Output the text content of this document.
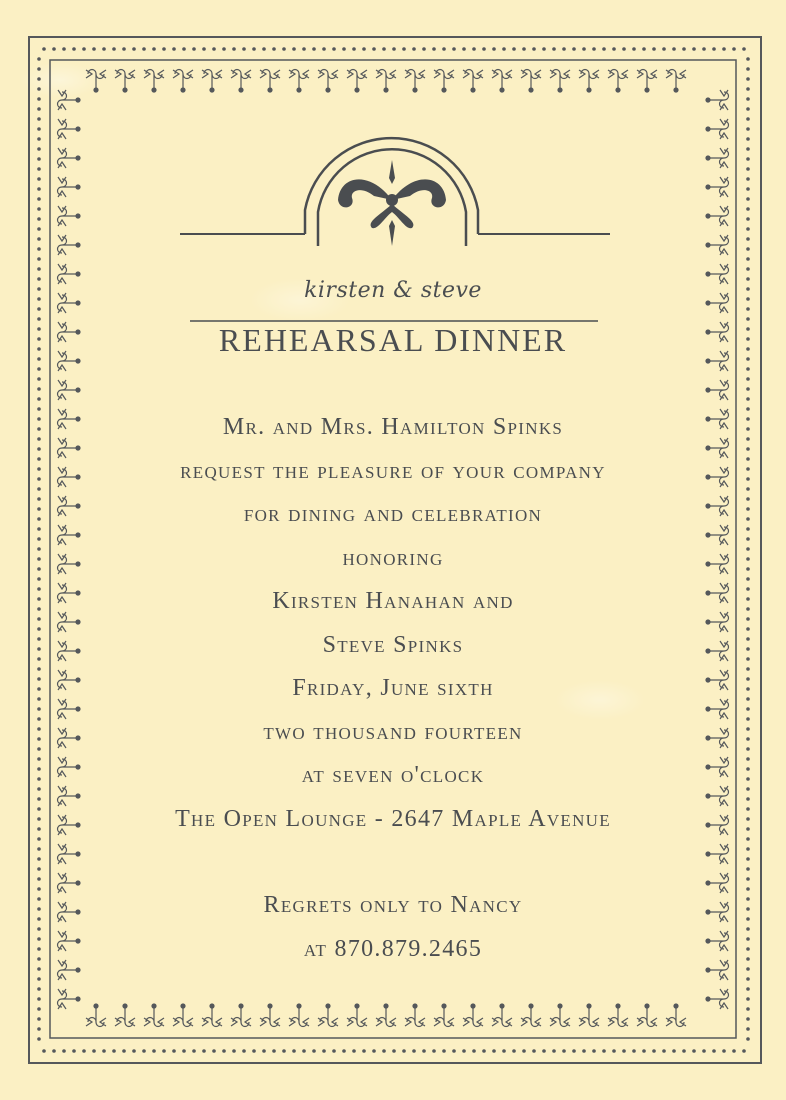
kirsten & steve
REHEARSAL DINNER
Mr. and Mrs. Hamilton Spinks
request the pleasure of your company
for dining and celebration
honoring
Kirsten Hanahan and
Steve Spinks
Friday, June sixth
two thousand fourteen
at seven o'clock
The Open Lounge - 2647 Maple Avenue
Regrets only to Nancy
at 870.879.2465
